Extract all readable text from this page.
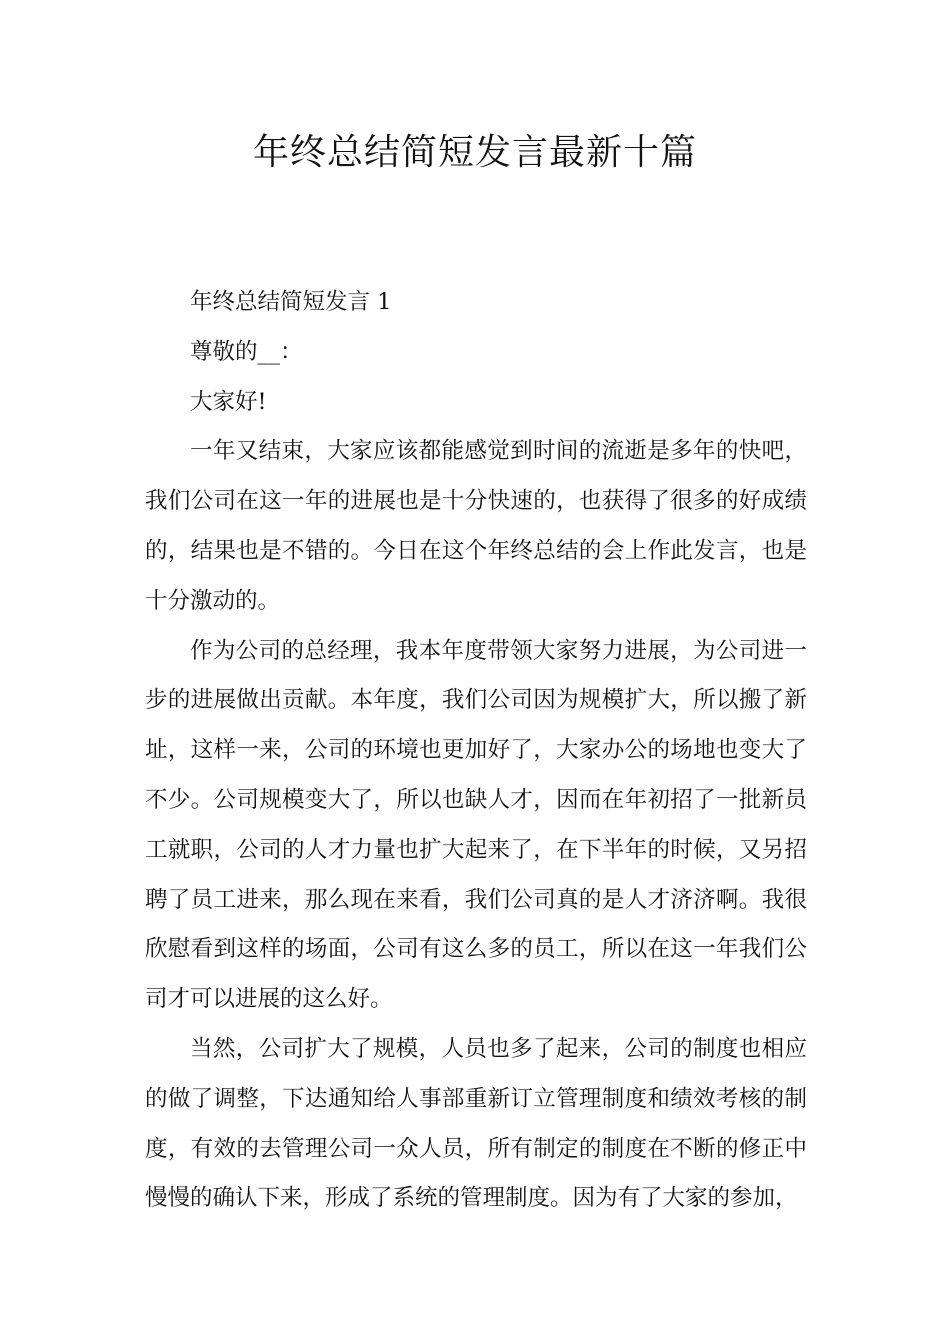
年终总结简短发言最新十篇

年终总结简短发言 1

尊敬的__：

大家好!

一年又结束，大家应该都能感觉到时间的流逝是多年的快吧，我们公司在这一年的进展也是十分快速的，也获得了很多的好成绩的，结果也是不错的。今日在这个年终总结的会上作此发言，也是十分激动的。

作为公司的总经理，我本年度带领大家努力进展，为公司进一步的进展做出贡献。本年度，我们公司因为规模扩大，所以搬了新址，这样一来，公司的环境也更加好了，大家办公的场地也变大了不少。公司规模变大了，所以也缺人才，因而在年初招了一批新员工就职，公司的人才力量也扩大起来了，在下半年的时候，又另招聘了员工进来，那么现在来看，我们公司真的是人才济济啊。我很欣慰看到这样的场面，公司有这么多的员工，所以在这一年我们公司才可以进展的这么好。

当然，公司扩大了规模，人员也多了起来，公司的制度也相应的做了调整，下达通知给人事部重新订立管理制度和绩效考核的制度，有效的去管理公司一众人员，所有制定的制度在不断的修正中慢慢的确认下来，形成了系统的管理制度。因为有了大家的参加，
